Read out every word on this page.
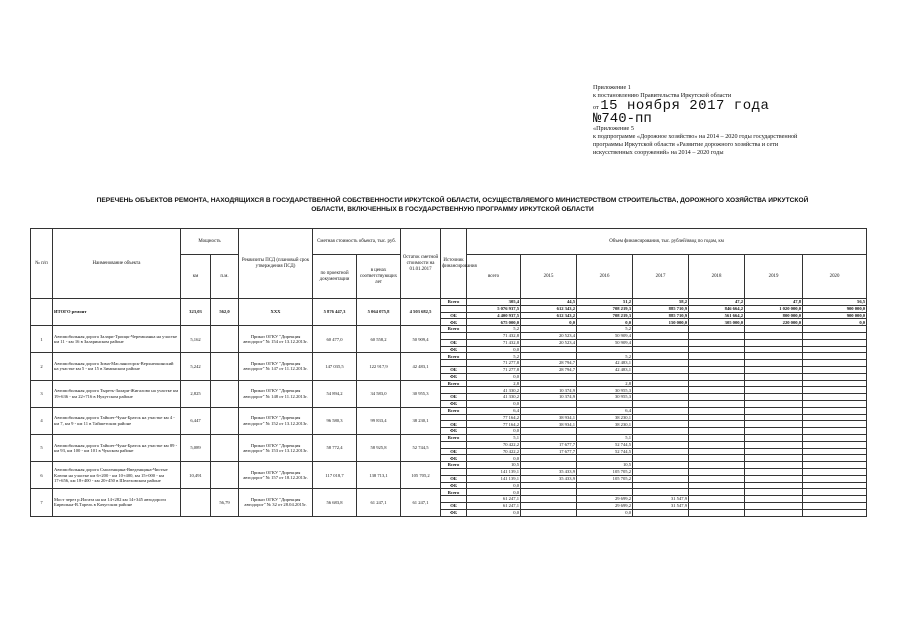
Приложение 1
к постановлению Правительства Иркутской области
от 15 ноября 2017 года
№740-пп
«Приложение 5
к подпрограмме «Дорожное хозяйство» на 2014 – 2020 годы государственной
программы Иркутской области «Развитие дорожного хозяйства и сети
искусственных сооружений» на 2014 – 2020 годы
ПЕРЕЧЕНЬ ОБЪЕКТОВ РЕМОНТА, НАХОДЯЩИХСЯ В ГОСУДАРСТВЕННОЙ СОБСТВЕННОСТИ ИРКУТСКОЙ ОБЛАСТИ, ОСУЩЕСТВЛЯЕМОГО МИНИСТЕРСТВОМ СТРОИТЕЛЬСТВА, ДОРОЖНОГО ХОЗЯЙСТВА ИРКУТСКОЙ
ОБЛАСТИ, ВКЛЮЧЕННЫХ В ГОСУДАРСТВЕННУЮ ПРОГРАММУ ИРКУТСКОЙ ОБЛАСТИ
№ п/п	Наименование объекта	Мощность		Реквизиты ПСД (плановый срок утверждения ПСД)	Сметная стоимость объекта, тыс. руб.		Остаток сметной стоимости на 01.01.2017	Источник финансирования	Объем финансирования, тыс. рублей/ввод по годам, км						
		км	п.м.		по проектной документации	в ценах соответствующих лет			всего	2015	2016	2017	2018	2019	2020
	ИТОГО ремонт	323,03	562,0	ХХХ	5 876 447,3	5 064 075,8	4 503 682,5	Всего	305,4	44,5	51,2	58,2	47,2	47,8	56,5
									5 076 937,5	612 343,2	708 219,3	885 710,9	846 664,2	1 020 000,0	900 000,0
								ОБ	4 400 937,5	612 343,2	708 219,3	885 710,9	561 664,2	800 000,0	900 000,0
								ФБ	675 000,0	0,0	0,0	150 000,0	305 000,0	220 000,0	0,0
1	Автомобильная дорога Залари-Троицк-Черемшанка на участке км 11 - км 16 в Заларинском районе	5,162		Приказ ОГКУ "Дирекция автодорог" № 154 от 13.12.2013г.	60 477,0	60 558,2	50 909,4	Всего	5,2		5,2				
									71 432,8	20 523,4	50 909,4				
								ОБ	71 432,8	20 523,4	50 909,4				
								ФБ	0,0						
2	Автомобильная дорога Зима-Масляногорск-Верхнеокинский на участке км 5 - км 15 в Зиминском районе	5,242		Приказ ОГКУ "Дирекция автодорог" № 147 от 11.12.2013г.	147 035,5	122 917,9	42 483,1	Всего	5,2		5,2				
									71 277,8	28 794,7	42 483,1				
								ОБ	71 277,8	28 794,7	42 483,1				
								ФБ	0,0						
3	Автомобильная дорога Тыреть-Залари-Жигалово на участке км 19+636 - км 22+716 в Нукутском районе	2,825		Приказ ОГКУ "Дирекция автодорог" № 148 от 11.12.2013г.	54 894,2	34 583,0	30 955,3	Всего	2,8		2,8				
									41 330,2	10 374,9	30 955,3				
								ОБ	41 330,2	10 374,9	30 955,3				
								ФБ	0,0						
4	Автомобильная дорога Тайшет-Чуна-Братск на участке км 4 - км 7, км 9 - км 11 в Тайшетском районе	6,447		Приказ ОГКУ "Дирекция автодорог" № 152 от 13.12.2013г.	96 580,3	99 833,4	38 230,1	Всего	6,4		6,4				
									77 164,2	38 934,1	38 230,1				
								ОБ	77 164,2	38 934,1	38 230,1				
								ФБ	0,0						
5	Автомобильная дорога Тайшет-Чуна-Братск на участке км 89 - км 93, км 100 - км 101 в Чунском районе	5,089		Приказ ОГКУ "Дирекция автодорог" № 153 от 13.12.2013г.	58 772,4	58 925,8	52 744,5	Всего	5,1		5,1				
									70 422,2	17 677,7	52 744,5				
								ОБ	70 422,2	17 677,7	52 744,5				
								ФБ	0,0						
6	Автомобильная дорога Смоленщина-Введенщина-Чистые Ключи на участке км 6+200 - км 10+400, км 15+000 - км 17+656, км 18+400 - км 20+450 в Шелеховском районе	10,491		Приказ ОГКУ "Дирекция автодорог" № 157 от 18.12.2013г.	117 018,7	138 713,1	105 705,2	Всего	10,5		10,5				
									141 139,1	35 433,9	105 705,2				
								ОБ	141 139,1	35 433,9	105 705,2				
								ФБ	0,0						
7	Мост через р.Илгата на км 14+282 км 14+345 автодороги Бирюлька-В.Тарель в Качугском районе		56,79	Приказ ОГКУ "Дирекция автодорог" № 32 от 28.04.2015г.	56 683,8	61 247,1	61 247,1	Всего	0,0						
									61 247,1		29 699,2	31 547,9			
								ОБ	61 247,1		29 699,2	31 547,9			
								ФБ	0,0		0,0				
